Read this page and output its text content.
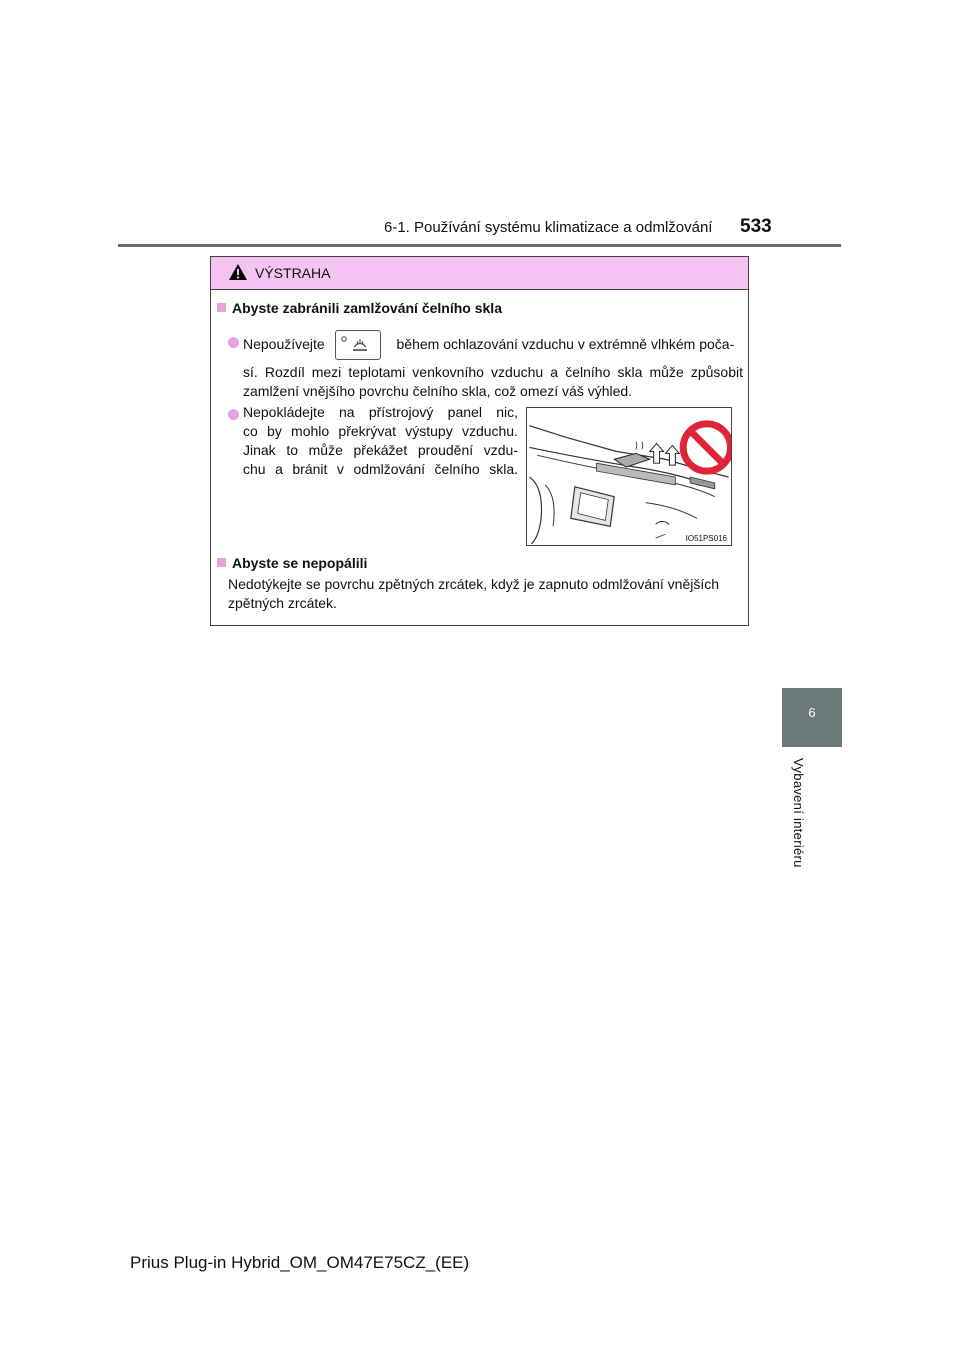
6-1. Používání systému klimatizace a odmlžování 533
6
Vybavení interiéru
VÝSTRAHA
Abyste zabránili zamlžování čelního skla

Nepoužívejte	během ochlazování vzduchu v extrémně vlhkém poča-

sí. Rozdíl mezi teplotami venkovního vzduchu a čelního skla může způsobit zamlžení vnějšího povrchu čelního skla, což omezí váš výhled.

Nepokládejte na přístrojový panel nic,

co by mohlo překrývat výstupy vzduchu.

Jinak to může překážet proudění vzdu-

chu a bránit v odmlžování čelního skla.

IO51PS016
Abyste se nepopálili
Nedotýkejte se povrchu zpětných zrcátek, když je zapnuto odmlžování vnějších zpětných zrcátek.
Prius Plug-in Hybrid_OM_OM47E75CZ_(EE)
